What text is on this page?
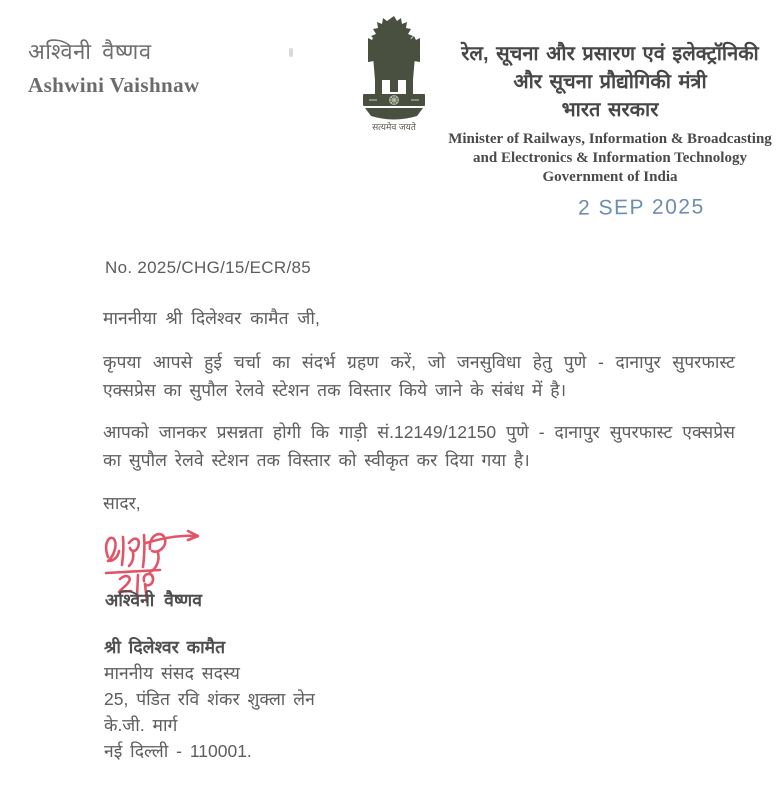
अश्विनी वैष्णव
Ashwini Vaishnaw
सत्यमेव जयते
रेल, सूचना और प्रसारण एवं इलेक्ट्रॉनिकी
और सूचना प्रौद्योगिकी मंत्री
भारत सरकार
Minister of Railways, Information & Broadcasting
and Electronics & Information Technology
Government of India
2 SEP 2025
No. 2025/CHG/15/ECR/85
माननीया श्री दिलेश्वर कामैत जी,
कृपया आपसे हुई चर्चा का संदर्भ ग्रहण करें, जो जनसुविधा हेतु पुणे - दानापुर सुपरफास्ट एक्सप्रेस का सुपौल रेलवे स्टेशन तक विस्तार किये जाने के संबंध में है।
आपको जानकर प्रसन्नता होगी कि गाड़ी सं.12149/12150 पुणे - दानापुर सुपरफास्ट एक्सप्रेस का सुपौल रेलवे स्टेशन तक विस्तार को स्वीकृत कर दिया गया है।
सादर,
अश्विनी वैष्णव
श्री दिलेश्वर कामैत
माननीय संसद सदस्य
25, पंडित रवि शंकर शुक्ला लेन
के.जी. मार्ग
नई दिल्ली - 110001.
